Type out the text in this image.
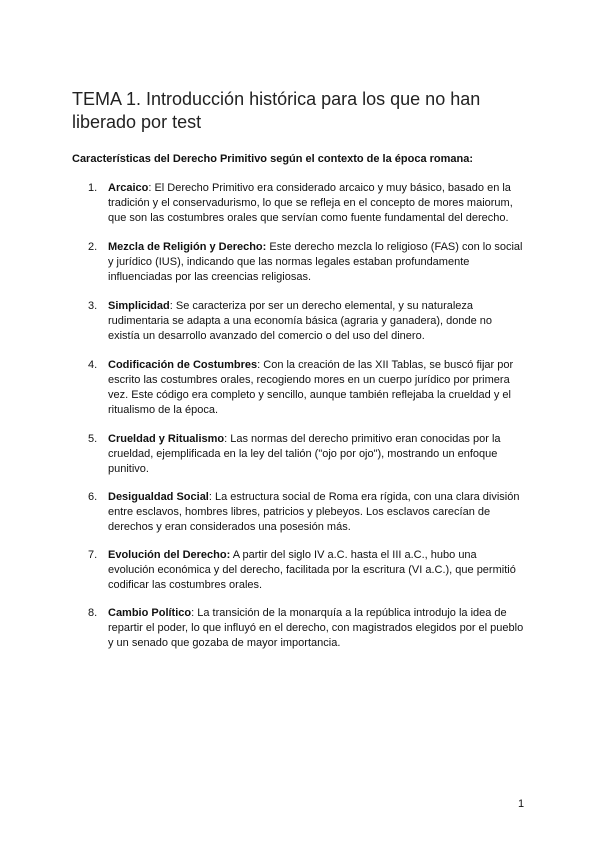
TEMA 1. Introducción histórica para los que no han liberado por test
Características del Derecho Primitivo según el contexto de la época romana:
1. Arcaico: El Derecho Primitivo era considerado arcaico y muy básico, basado en la tradición y el conservadurismo, lo que se refleja en el concepto de mores maiorum, que son las costumbres orales que servían como fuente fundamental del derecho.
2. Mezcla de Religión y Derecho: Este derecho mezcla lo religioso (FAS) con lo social y jurídico (IUS), indicando que las normas legales estaban profundamente influenciadas por las creencias religiosas.
3. Simplicidad: Se caracteriza por ser un derecho elemental, y su naturaleza rudimentaria se adapta a una economía básica (agraria y ganadera), donde no existía un desarrollo avanzado del comercio o del uso del dinero.
4. Codificación de Costumbres: Con la creación de las XII Tablas, se buscó fijar por escrito las costumbres orales, recogiendo mores en un cuerpo jurídico por primera vez. Este código era completo y sencillo, aunque también reflejaba la crueldad y el ritualismo de la época.
5. Crueldad y Ritualismo: Las normas del derecho primitivo eran conocidas por la crueldad, ejemplificada en la ley del talión ("ojo por ojo"), mostrando un enfoque punitivo.
6. Desigualdad Social: La estructura social de Roma era rígida, con una clara división entre esclavos, hombres libres, patricios y plebeyos. Los esclavos carecían de derechos y eran considerados una posesión más.
7. Evolución del Derecho: A partir del siglo IV a.C. hasta el III a.C., hubo una evolución económica y del derecho, facilitada por la escritura (VI a.C.), que permitió codificar las costumbres orales.
8. Cambio Político: La transición de la monarquía a la república introdujo la idea de repartir el poder, lo que influyó en el derecho, con magistrados elegidos por el pueblo y un senado que gozaba de mayor importancia.
1
